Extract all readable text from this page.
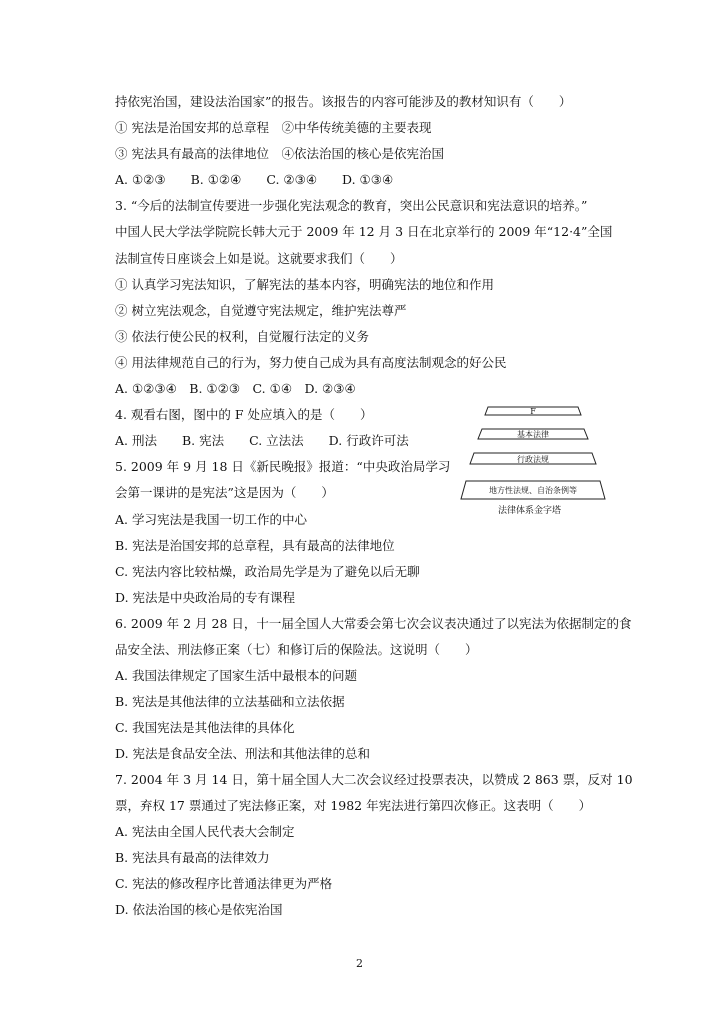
持依宪治国，建设法治国家”的报告。该报告的内容可能涉及的教材知识有（　　）
① 宪法是治国安邦的总章程　②中华传统美德的主要表现
③ 宪法具有最高的法律地位　④依法治国的核心是依宪治国
A. ①②③　　B. ①②④　　C. ②③④　　D. ①③④
3. “今后的法制宣传要进一步强化宪法观念的教育，突出公民意识和宪法意识的培养。”
中国人民大学法学院院长韩大元于 2009 年 12 月 3 日在北京举行的 2009 年“12·4”全国
法制宣传日座谈会上如是说。这就要求我们（　　）
① 认真学习宪法知识，了解宪法的基本内容，明确宪法的地位和作用
② 树立宪法观念，自觉遵守宪法规定，维护宪法尊严
③ 依法行使公民的权利，自觉履行法定的义务
④ 用法律规范自己的行为，努力使自己成为具有高度法制观念的好公民
A. ①②③④　B. ①②③　C. ①④　D. ②③④
4. 观看右图，图中的 F 处应填入的是（　　）
A. 刑法　　B. 宪法　　C. 立法法　　D. 行政许可法
5. 2009 年 9 月 18 日《新民晚报》报道：“中央政治局学习
会第一课讲的是宪法”这是因为（　　）
A. 学习宪法是我国一切工作的中心
B. 宪法是治国安邦的总章程，具有最高的法律地位
C. 宪法内容比较枯燥，政治局先学是为了避免以后无聊
D. 宪法是中央政治局的专有课程
6. 2009 年 2 月 28 日，十一届全国人大常委会第七次会议表决通过了以宪法为依据制定的食
品安全法、刑法修正案（七）和修订后的保险法。这说明（　　）
A. 我国法律规定了国家生活中最根本的问题
B. 宪法是其他法律的立法基础和立法依据
C. 我国宪法是其他法律的具体化
D. 宪法是食品安全法、刑法和其他法律的总和
7. 2004 年 3 月 14 日，第十届全国人大二次会议经过投票表决，以赞成 2 863 票，反对 10
票，弃权 17 票通过了宪法修正案，对 1982 年宪法进行第四次修正。这表明（　　）
A. 宪法由全国人民代表大会制定
B. 宪法具有最高的法律效力
C. 宪法的修改程序比普通法律更为严格
D. 依法治国的核心是依宪治国
F
基本法律
行政法规
地方性法规、自治条例等
法律体系金字塔
2
